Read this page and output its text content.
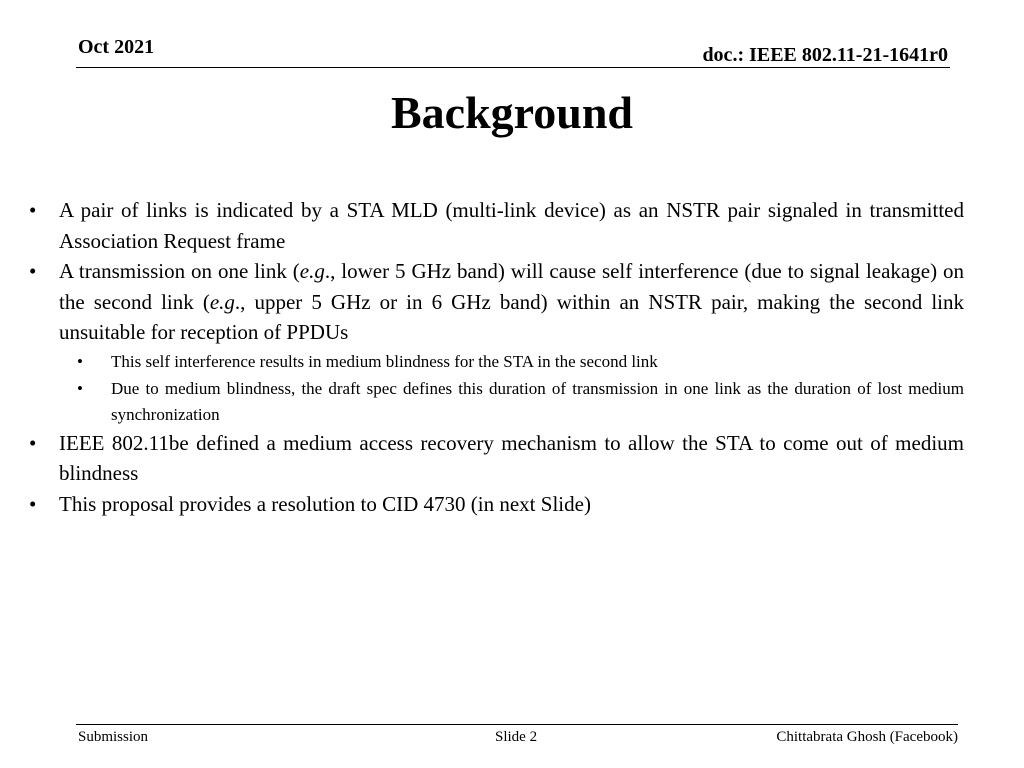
Oct 2021	doc.: IEEE 802.11-21-1641r0
Background
• A pair of links is indicated by a STA MLD (multi-link device) as an NSTR pair signaled in transmitted Association Request frame
• A transmission on one link (e.g., lower 5 GHz band) will cause self interference (due to signal leakage) on the second link (e.g., upper 5 GHz or in 6 GHz band) within an NSTR pair, making the second link unsuitable for reception of PPDUs
• This self interference results in medium blindness for the STA in the second link
• Due to medium blindness, the draft spec defines this duration of transmission in one link as the duration of lost medium synchronization
• IEEE 802.11be defined a medium access recovery mechanism to allow the STA to come out of medium blindness
• This proposal provides a resolution to CID 4730 (in next Slide)
Submission	Slide 2	Chittabrata Ghosh (Facebook)
